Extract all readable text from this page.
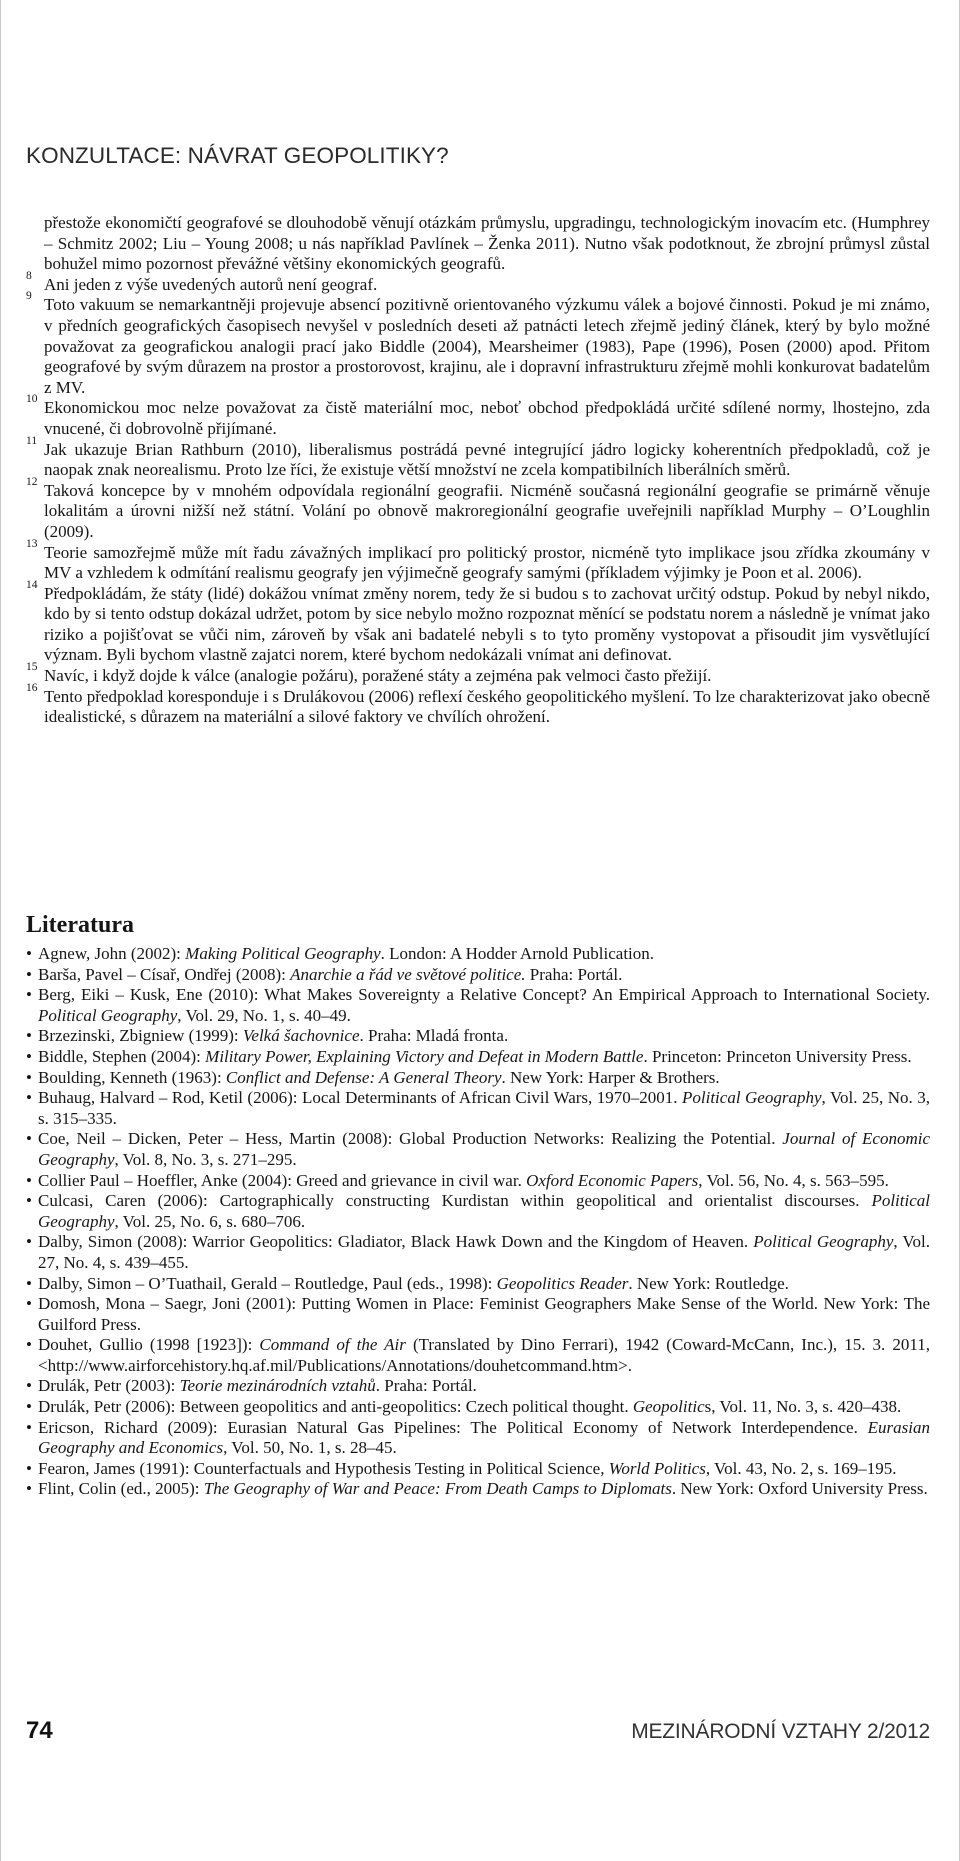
KONZULTACE: NÁVRAT GEOPOLITIKY?

přestože ekonomičtí geografové se dlouhodobě věnují otázkám průmyslu, upgradingu, technologickým inovacím etc. (Humphrey – Schmitz 2002; Liu – Young 2008; u nás například Pavlínek – Ženka 2011). Nutno však podotknout, že zbrojní průmysl zůstal bohužel mimo pozornost převážné většiny ekonomických geografů.

8 Ani jeden z výše uvedených autorů není geograf.

9 Toto vakuum se nemarkantněji projevuje absencí pozitivně orientovaného výzkumu válek a bojové činnosti. Pokud je mi známo, v předních geografických časopisech nevyšel v posledních deseti až patnácti letech zřejmě jediný článek, který by bylo možné považovat za geografickou analogii prací jako Biddle (2004), Mearsheimer (1983), Pape (1996), Posen (2000) apod. Přitom geografové by svým důrazem na prostor a prostorovost, krajinu, ale i dopravní infrastrukturu zřejmě mohli konkurovat badatelům z MV.

10 Ekonomickou moc nelze považovat za čistě materiální moc, neboť obchod předpokládá určité sdílené normy, lhostejno, zda vnucené, či dobrovolně přijímané.

11 Jak ukazuje Brian Rathburn (2010), liberalismus postrádá pevné integrující jádro logicky koherentních předpokladů, což je naopak znak neorealismu. Proto lze říci, že existuje větší množství ne zcela kompatibilních liberálních směrů.

12 Taková koncepce by v mnohém odpovídala regionální geografii. Nicméně současná regionální geografie se primárně věnuje lokalitám a úrovni nižší než státní. Volání po obnově makroregionální geografie uveřejnili například Murphy – O’Loughlin (2009).

13 Teorie samozřejmě může mít řadu závažných implikací pro politický prostor, nicméně tyto implikace jsou zřídka zkoumány v MV a vzhledem k odmítání realismu geografy jen výjimečně geografy samými (příkladem výjimky je Poon et al. 2006).

14 Předpokládám, že státy (lidé) dokážou vnímat změny norem, tedy že si budou s to zachovat určitý odstup. Pokud by nebyl nikdo, kdo by si tento odstup dokázal udržet, potom by sice nebylo možno rozpoznat měnící se podstatu norem a následně je vnímat jako riziko a pojišťovat se vůči nim, zároveň by však ani badatelé nebyli s to tyto proměny vystopovat a přisoudit jim vysvětlující význam. Byli bychom vlastně zajatci norem, které bychom nedokázali vnímat ani definovat.

15 Navíc, i když dojde k válce (analogie požáru), poražené státy a zejména pak velmoci často přežijí.

16 Tento předpoklad koresponduje i s Drulákovou (2006) reflexí českého geopolitického myšlení. To lze charakterizovat jako obecně idealistické, s důrazem na materiální a silové faktory ve chvílích ohrožení.

Literatura

• Agnew, John (2002): Making Political Geography. London: A Hodder Arnold Publication.

• Barša, Pavel – Císař, Ondřej (2008): Anarchie a řád ve světové politice. Praha: Portál.

• Berg, Eiki – Kusk, Ene (2010): What Makes Sovereignty a Relative Concept? An Empirical Approach to International Society. Political Geography, Vol. 29, No. 1, s. 40–49.

• Brzezinski, Zbigniew (1999): Velká šachovnice. Praha: Mladá fronta.

• Biddle, Stephen (2004): Military Power, Explaining Victory and Defeat in Modern Battle. Princeton: Princeton University Press.

• Boulding, Kenneth (1963): Conflict and Defense: A General Theory. New York: Harper & Brothers.

• Buhaug, Halvard – Rod, Ketil (2006): Local Determinants of African Civil Wars, 1970–2001. Political Geography, Vol. 25, No. 3, s. 315–335.

• Coe, Neil – Dicken, Peter – Hess, Martin (2008): Global Production Networks: Realizing the Potential. Journal of Economic Geography, Vol. 8, No. 3, s. 271–295.

• Collier Paul – Hoeffler, Anke (2004): Greed and grievance in civil war. Oxford Economic Papers, Vol. 56, No. 4, s. 563–595.

• Culcasi, Caren (2006): Cartographically constructing Kurdistan within geopolitical and orientalist discourses. Political Geography, Vol. 25, No. 6, s. 680–706.

• Dalby, Simon (2008): Warrior Geopolitics: Gladiator, Black Hawk Down and the Kingdom of Heaven. Political Geography, Vol. 27, No. 4, s. 439–455.

• Dalby, Simon – O’Tuathail, Gerald – Routledge, Paul (eds., 1998): Geopolitics Reader. New York: Routledge.

• Domosh, Mona – Saegr, Joni (2001): Putting Women in Place: Feminist Geographers Make Sense of the World. New York: The Guilford Press.

• Douhet, Gullio (1998 [1923]): Command of the Air (Translated by Dino Ferrari), 1942 (Coward-McCann, Inc.), 15. 3. 2011, <http://www.airforcehistory.hq.af.mil/Publications/Annotations/douhetcommand.htm>.

• Drulák, Petr (2003): Teorie mezinárodních vztahů. Praha: Portál.

• Drulák, Petr (2006): Between geopolitics and anti-geopolitics: Czech political thought. Geopolitics, Vol. 11, No. 3, s. 420–438.

• Ericson, Richard (2009): Eurasian Natural Gas Pipelines: The Political Economy of Network Interdependence. Eurasian Geography and Economics, Vol. 50, No. 1, s. 28–45.

• Fearon, James (1991): Counterfactuals and Hypothesis Testing in Political Science, World Politics, Vol. 43, No. 2, s. 169–195.

• Flint, Colin (ed., 2005): The Geography of War and Peace: From Death Camps to Diplomats. New York: Oxford University Press.

74	MEZINÁRODNÍ VZTAHY 2/2012
